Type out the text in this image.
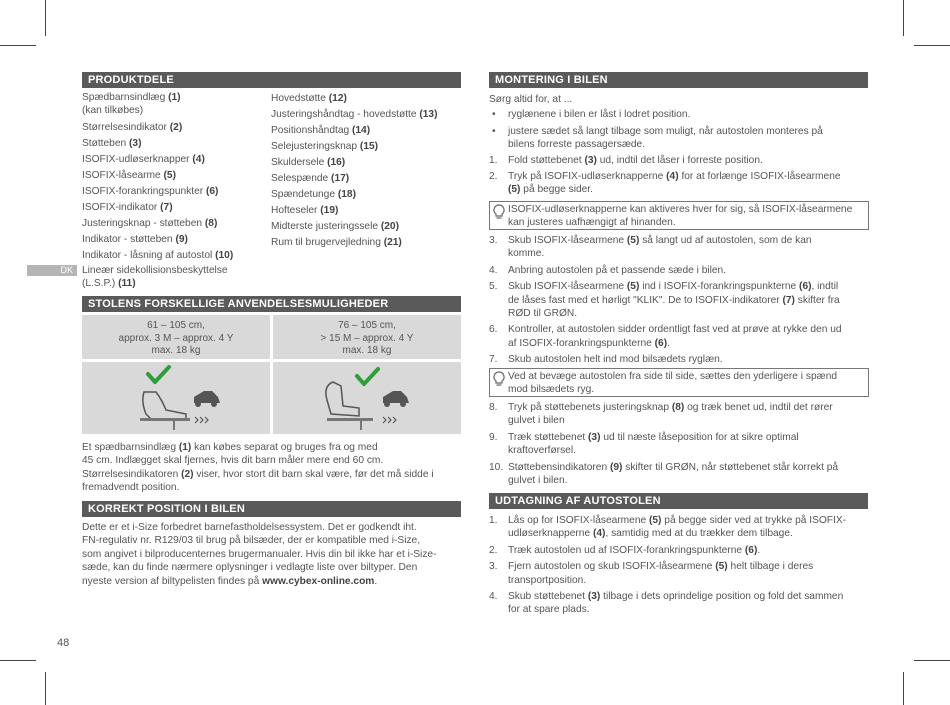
PRODUKTDELE
Spædbarnsindlæg (1)
(kan tilkøbes)
Størrelsesindikator (2)
Støtteben (3)
ISOFIX-udløserknapper (4)
ISOFIX-låsearme (5)
ISOFIX-forankringspunkter (6)
ISOFIX-indikator (7)
Justeringsknap - støtteben (8)
Indikator - støtteben (9)
Indikator - låsning af autostol (10)
Lineær sidekollisionsbeskyttelse
(L.S.P.) (11)
Hovedstøtte (12)
Justeringshåndtag - hovedstøtte (13)
Positionshåndtag (14)
Selejusteringsknap (15)
Skuldersele (16)
Selespænde (17)
Spændetunge (18)
Hofteseler (19)
Midterste justeringssele (20)
Rum til brugervejledning (21)
DK
STOLENS FORSKELLIGE ANVENDELSESMULIGHEDER
61 – 105 cm,
approx. 3 M – approx. 4 Y
max. 18 kg
76 – 105 cm,
> 15 M – approx. 4 Y
max. 18 kg
Et spædbarnsindlæg (1) kan købes separat og bruges fra og med
45 cm. Indlægget skal fjernes, hvis dit barn måler mere end 60 cm.
Størrelsesindikatoren (2) viser, hvor stort dit barn skal være, før det må sidde i
fremadvendt position.
KORREKT POSITION I BILEN
Dette er et i-Size forbedret barnefastholdelsessystem. Det er godkendt iht.
FN-regulativ nr. R129/03 til brug på bilsæder, der er kompatible med i-Size,
som angivet i bilproducenternes brugermanualer. Hvis din bil ikke har et i-Size-
sæde, kan du finde nærmere oplysninger i vedlagte liste over biltyper. Den
nyeste version af biltypelisten findes på www.cybex-online.com.
48
MONTERING I BILEN
Sørg altid for, at ...
• ryglænene i bilen er låst i lodret position.
• justere sædet så langt tilbage som muligt, når autostolen monteres på
bilens forreste passagersæde.
1. Fold støttebenet (3) ud, indtil det låser i forreste position.
2. Tryk på ISOFIX-udløserknapperne (4) for at forlænge ISOFIX-låsearmene
(5) på begge sider.
ISOFIX-udløserknapperne kan aktiveres hver for sig, så ISOFIX-låsearmene
kan justeres uafhængigt af hinanden.
3. Skub ISOFIX-låsearmene (5) så langt ud af autostolen, som de kan
komme.
4. Anbring autostolen på et passende sæde i bilen.
5. Skub ISOFIX-låsearmene (5) ind i ISOFIX-forankringspunkterne (6), indtil
de låses fast med et hørligt "KLIK". De to ISOFIX-indikatorer (7) skifter fra
RØD til GRØN.
6. Kontroller, at autostolen sidder ordentligt fast ved at prøve at rykke den ud
af ISOFIX-forankringspunkterne (6).
7. Skub autostolen helt ind mod bilsædets ryglæn.
Ved at bevæge autostolen fra side til side, sættes den yderligere i spænd
mod bilsædets ryg.
8. Tryk på støttebenets justeringsknap (8) og træk benet ud, indtil det rører
gulvet i bilen
9. Træk støttebenet (3) ud til næste låseposition for at sikre optimal
kraftoverførsel.
10. Støttebensindikatoren (9) skifter til GRØN, når støttebenet står korrekt på
gulvet i bilen.
UDTAGNING AF AUTOSTOLEN
1. Lås op for ISOFIX-låsearmene (5) på begge sider ved at trykke på ISOFIX-
udløserknapperne (4), samtidig med at du trækker dem tilbage.
2. Træk autostolen ud af ISOFIX-forankringspunkterne (6).
3. Fjern autostolen og skub ISOFIX-låsearmene (5) helt tilbage i deres
transportposition.
4. Skub støttebenet (3) tilbage i dets oprindelige position og fold det sammen
for at spare plads.
